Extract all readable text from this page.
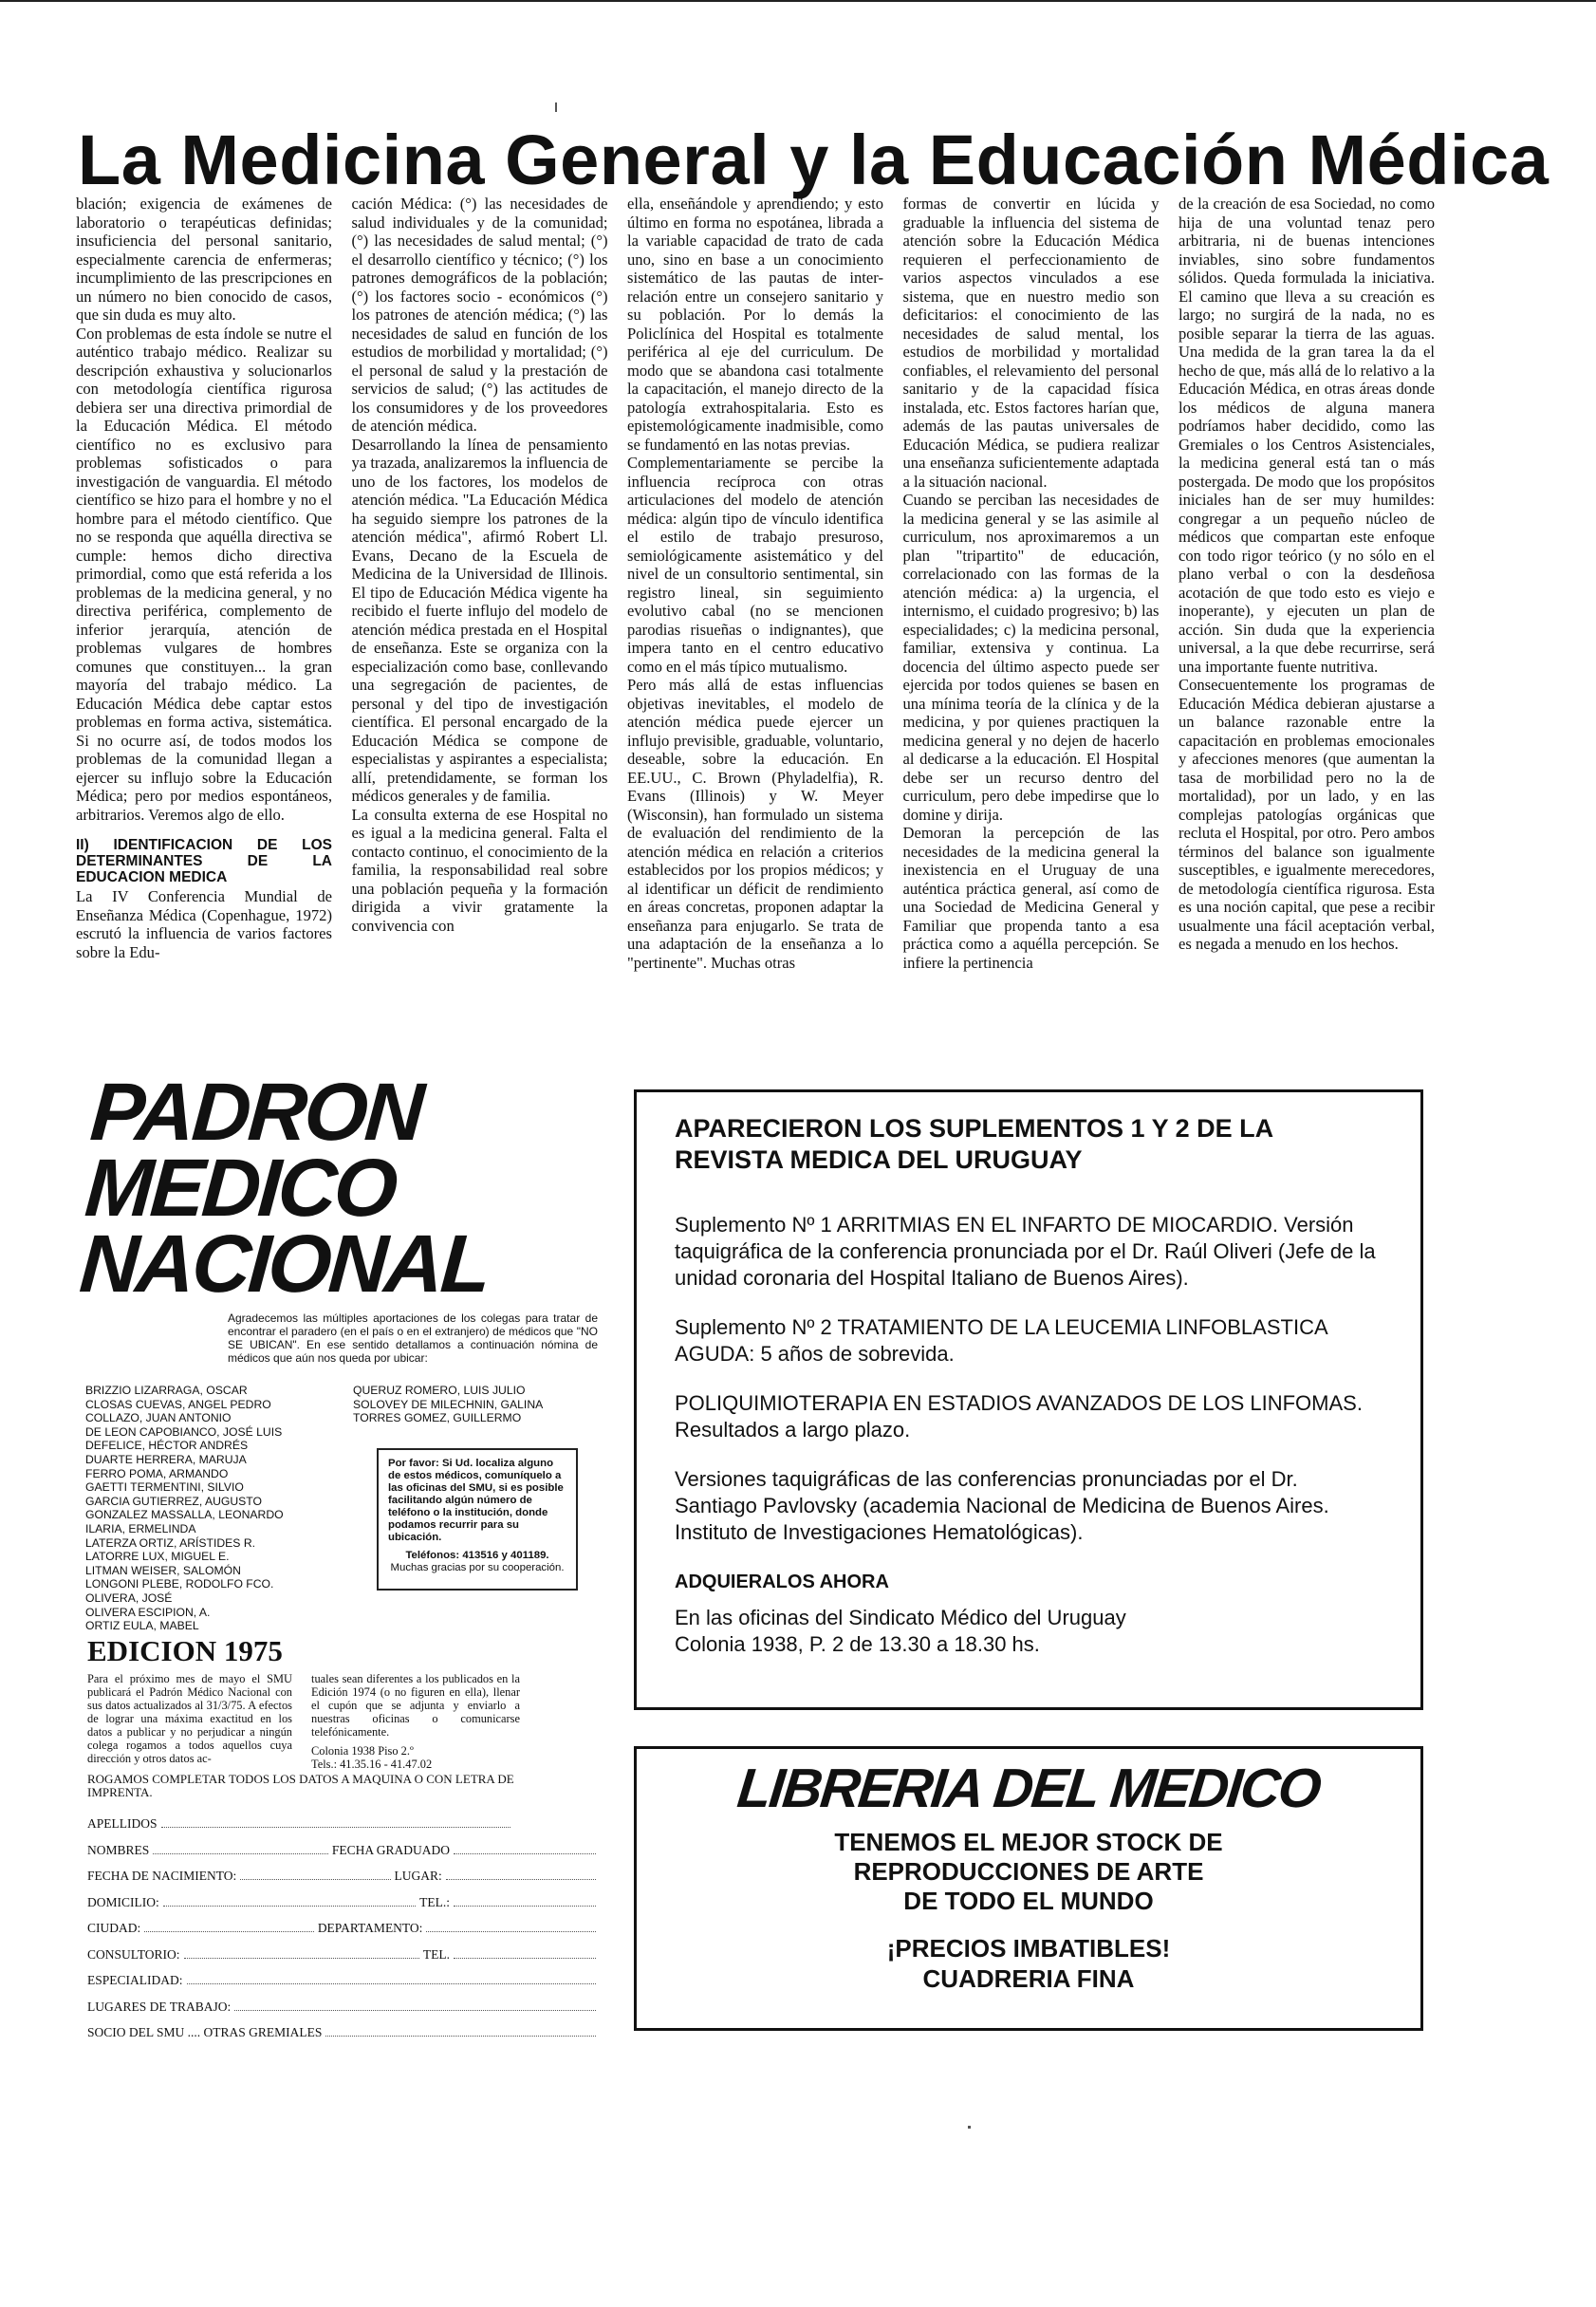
La Medicina General y la Educación Médica

blación; exigencia de exámenes de laboratorio o terapéuticas definidas; insuficiencia del personal sanitario, especialmente carencia de enfermeras; incumplimiento de las prescripciones en un número no bien conocido de casos, que sin duda es muy alto.

Con problemas de esta índole se nutre el auténtico trabajo médico. Realizar su descripción exhaustiva y solucionarlos con metodología científica rigurosa debiera ser una directiva primordial de la Educación Médica. El método científico no es exclusivo para problemas sofisticados o para investigación de vanguardia. El método científico se hizo para el hombre y no el hombre para el método científico. Que no se responda que aquélla directiva se cumple: hemos dicho directiva primordial, como que está referida a los problemas de la medicina general, y no directiva periférica, complemento de inferior jerarquía, atención de problemas vulgares de hombres comunes que constituyen... la gran mayoría del trabajo médico. La Educación Médica debe captar estos problemas en forma activa, sistemática. Si no ocurre así, de todos modos los problemas de la comunidad llegan a ejercer su influjo sobre la Educación Médica; pero por medios espontáneos, arbitrarios. Veremos algo de ello.

II) IDENTIFICACION DE LOS DETERMINANTES DE LA EDUCACION MEDICA

La IV Conferencia Mundial de Enseñanza Médica (Copenhague, 1972) escrutó la influencia de varios factores sobre la Edu-

cación Médica: (°) las necesidades de salud individuales y de la comunidad; (°) las necesidades de salud mental; (°) el desarrollo científico y técnico; (°) los patrones demográficos de la población; (°) los factores socio - económicos (°) los patrones de atención médica; (°) las necesidades de salud en función de los estudios de morbilidad y mortalidad; (°) el personal de salud y la prestación de servicios de salud; (°) las actitudes de los consumidores y de los proveedores de atención médica.

Desarrollando la línea de pensamiento ya trazada, analizaremos la influencia de uno de los factores, los modelos de atención médica. "La Educación Médica ha seguido siempre los patrones de la atención médica", afirmó Robert Ll. Evans, Decano de la Escuela de Medicina de la Universidad de Illinois. El tipo de Educación Médica vigente ha recibido el fuerte influjo del modelo de atención médica prestada en el Hospital de enseñanza. Este se organiza con la especialización como base, conllevando una segregación de pacientes, de personal y del tipo de investigación científica. El personal encargado de la Educación Médica se compone de especialistas y aspirantes a especialista; allí, pretendidamente, se forman los médicos generales y de familia.

La consulta externa de ese Hospital no es igual a la medicina general. Falta el contacto continuo, el conocimiento de la familia, la responsabilidad real sobre una población pequeña y la formación dirigida a vivir gratamente la convivencia con

ella, enseñándole y aprendiendo; y esto último en forma no espotánea, librada a la variable capacidad de trato de cada uno, sino en base a un conocimiento sistemático de las pautas de inter-relación entre un consejero sanitario y su población. Por lo demás la Policlínica del Hospital es totalmente periférica al eje del curriculum. De modo que se abandona casi totalmente la capacitación, el manejo directo de la patología extrahospitalaria. Esto es epistemológicamente inadmisible, como se fundamentó en las notas previas.

Complementariamente se percibe la influencia recíproca con otras articulaciones del modelo de atención médica: algún tipo de vínculo identifica el estilo de trabajo presuroso, semiológicamente asistemático y del nivel de un consultorio sentimental, sin registro lineal, sin seguimiento evolutivo cabal (no se mencionen parodias risueñas o indignantes), que impera tanto en el centro educativo como en el más típico mutualismo.

Pero más allá de estas influencias objetivas inevitables, el modelo de atención médica puede ejercer un influjo previsible, graduable, voluntario, deseable, sobre la educación. En EE.UU., C. Brown (Phyladelfia), R. Evans (Illinois) y W. Meyer (Wisconsin), han formulado un sistema de evaluación del rendimiento de la atención médica en relación a criterios establecidos por los propios médicos; y al identificar un déficit de rendimiento en áreas concretas, proponen adaptar la enseñanza para enjugarlo. Se trata de una adaptación de la enseñanza a lo "pertinente". Muchas otras

formas de convertir en lúcida y graduable la influencia del sistema de atención sobre la Educación Médica requieren el perfeccionamiento de varios aspectos vinculados a ese sistema, que en nuestro medio son deficitarios: el conocimiento de las necesidades de salud mental, los estudios de morbilidad y mortalidad confiables, el relevamiento del personal sanitario y de la capacidad física instalada, etc. Estos factores harían que, además de las pautas universales de Educación Médica, se pudiera realizar una enseñanza suficientemente adaptada a la situación nacional.

Cuando se perciban las necesidades de la medicina general y se las asimile al curriculum, nos aproximaremos a un plan "tripartito" de educación, correlacionado con las formas de la atención médica: a) la urgencia, el internismo, el cuidado progresivo; b) las especialidades; c) la medicina personal, familiar, extensiva y continua. La docencia del último aspecto puede ser ejercida por todos quienes se basen en una mínima teoría de la clínica y de la medicina, y por quienes practiquen la medicina general y no dejen de hacerlo al dedicarse a la educación. El Hospital debe ser un recurso dentro del curriculum, pero debe impedirse que lo domine y dirija.

Demoran la percepción de las necesidades de la medicina general la inexistencia en el Uruguay de una auténtica práctica general, así como de una Sociedad de Medicina General y Familiar que propenda tanto a esa práctica como a aquélla percepción. Se infiere la pertinencia

de la creación de esa Sociedad, no como hija de una voluntad tenaz pero arbitraria, ni de buenas intenciones inviables, sino sobre fundamentos sólidos. Queda formulada la iniciativa. El camino que lleva a su creación es largo; no surgirá de la nada, no es posible separar la tierra de las aguas. Una medida de la gran tarea la da el hecho de que, más allá de lo relativo a la Educación Médica, en otras áreas donde los médicos de alguna manera podríamos haber decidido, como las Gremiales o los Centros Asistenciales, la medicina general está tan o más postergada. De modo que los propósitos iniciales han de ser muy humildes: congregar a un pequeño núcleo de médicos que compartan este enfoque con todo rigor teórico (y no sólo en el plano verbal o con la desdeñosa acotación de que todo esto es viejo e inoperante), y ejecuten un plan de acción. Sin duda que la experiencia universal, a la que debe recurrirse, será una importante fuente nutritiva.

Consecuentemente los programas de Educación Médica debieran ajustarse a un balance razonable entre la capacitación en problemas emocionales y afecciones menores (que aumentan la tasa de morbilidad pero no la de mortalidad), por un lado, y en las complejas patologías orgánicas que recluta el Hospital, por otro. Pero ambos términos del balance son igualmente susceptibles, e igualmente merecedores, de metodología científica rigurosa. Esta es una noción capital, que pese a recibir usualmente una fácil aceptación verbal, es negada a menudo en los hechos.

PADRON
MEDICO
NACIONAL
Agradecemos las múltiples aportaciones de los colegas para tratar de encontrar el paradero (en el país o en el extranjero) de médicos que "NO SE UBICAN". En ese sentido detallamos a continuación nómina de médicos que aún nos queda por ubicar:
BRIZZIO LIZARRAGA, OSCAR
CLOSAS CUEVAS, ANGEL PEDRO
COLLAZO, JUAN ANTONIO
DE LEON CAPOBIANCO, JOSÉ LUIS
DEFELICE, HÉCTOR ANDRÉS
DUARTE HERRERA, MARUJA
FERRO POMA, ARMANDO
GAETTI TERMENTINI, SILVIO
GARCIA GUTIERREZ, AUGUSTO
GONZALEZ MASSALLA, LEONARDO
ILARIA, ERMELINDA
LATERZA ORTIZ, ARÍSTIDES R.
LATORRE LUX, MIGUEL E.
LITMAN WEISER, SALOMÓN
LONGONI PLEBE, RODOLFO FCO.
OLIVERA, JOSÉ
OLIVERA ESCIPION, A.
ORTIZ EULA, MABEL
QUERUZ ROMERO, LUIS JULIO
SOLOVEY DE MILECHNIN, GALINA
TORRES GOMEZ, GUILLERMO
Por favor: Si Ud. localiza alguno de estos médicos, comuníquelo a las oficinas del SMU, si es posible facilitando algún número de teléfono o la institución, donde podamos recurrir para su ubicación.
Teléfonos: 413516 y 401189.
Muchas gracias por su cooperación.
EDICION 1975
Para el próximo mes de mayo el SMU publicará el Padrón Médico Nacional con sus datos actualizados al 31/3/75. A efectos de lograr una máxima exactitud en los datos a publicar y no perjudicar a ningún colega rogamos a todos aquellos cuya dirección y otros datos ac-
tuales sean diferentes a los publicados en la Edición 1974 (o no figuren en ella), llenar el cupón que se adjunta y enviarlo a nuestras oficinas o comunicarse telefónicamente.
Colonia 1938 Piso 2.º
Tels.: 41.35.16 - 41.47.02
ROGAMOS COMPLETAR TODOS LOS DATOS A MAQUINA O CON LETRA DE IMPRENTA.
APELLIDOS
NOMBRES	FECHA GRADUADO
FECHA DE NACIMIENTO:	LUGAR:
DOMICILIO:	TEL.:
CIUDAD:	DEPARTAMENTO:
CONSULTORIO:	TEL.
ESPECIALIDAD:
LUGARES DE TRABAJO:
SOCIO DEL SMU .... OTRAS GREMIALES
APARECIERON LOS SUPLEMENTOS 1 Y 2 DE LA
REVISTA MEDICA DEL URUGUAY

Suplemento Nº 1 ARRITMIAS EN EL INFARTO DE MIOCARDIO. Versión taquigráfica de la conferencia pronunciada por el Dr. Raúl Oliveri (Jefe de la unidad coronaria del Hospital Italiano de Buenos Aires).

Suplemento Nº 2 TRATAMIENTO DE LA LEUCEMIA LINFOBLASTICA AGUDA: 5 años de sobrevida.

POLIQUIMIOTERAPIA EN ESTADIOS AVANZADOS DE LOS LINFOMAS. Resultados a largo plazo.

Versiones taquigráficas de las conferencias pronunciadas por el Dr. Santiago Pavlovsky (academia Nacional de Medicina de Buenos Aires. Instituto de Investigaciones Hematológicas).

ADQUIERALOS AHORA

En las oficinas del Sindicato Médico del Uruguay

Colonia 1938, P. 2 de 13.30 a 18.30 hs.

LIBRERIA DEL MEDICO
TENEMOS EL MEJOR STOCK DE
REPRODUCCIONES DE ARTE
DE TODO EL MUNDO
¡PRECIOS IMBATIBLES!
CUADRERIA FINA
